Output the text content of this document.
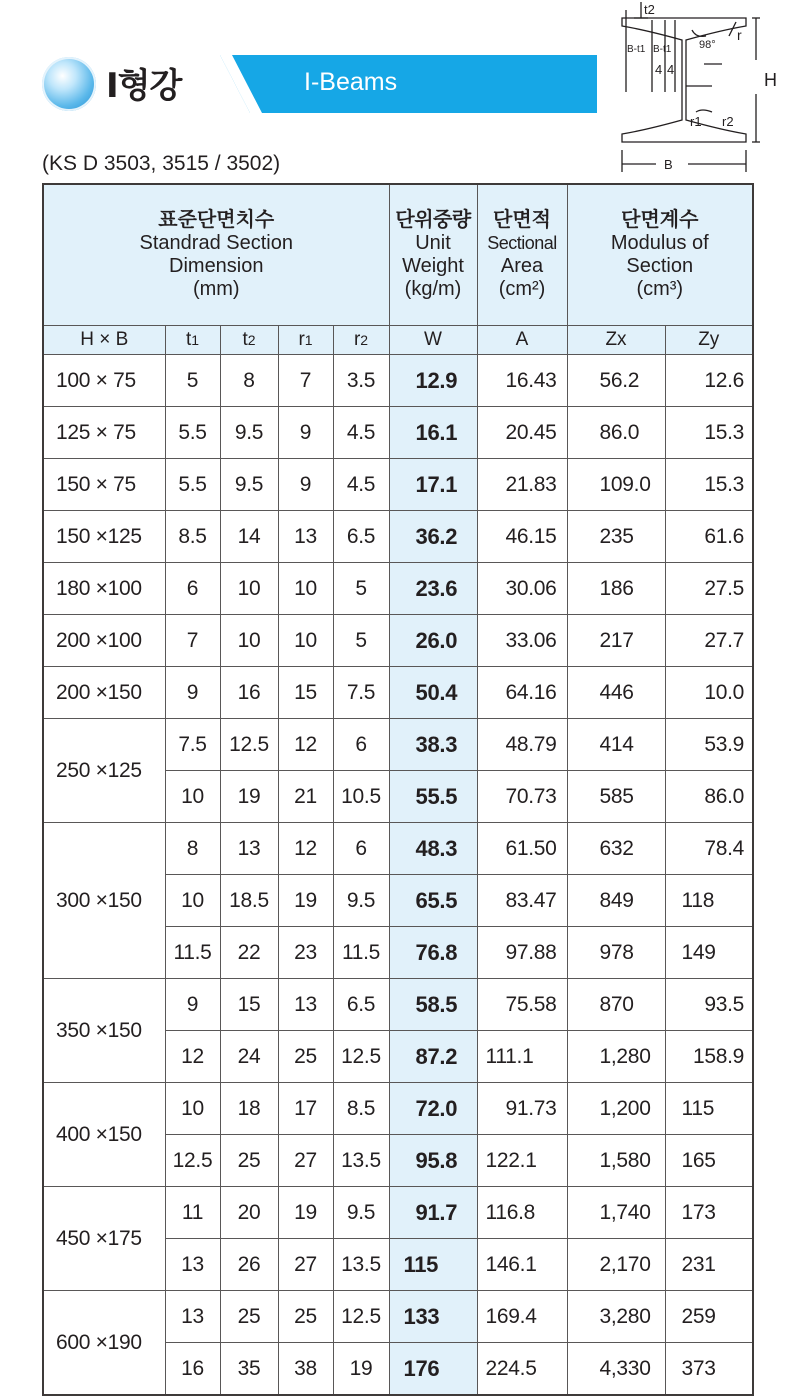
I형강	I-Beams
(KS D 3503, 3515 / 3502)
t2
r
98°
H
B
r1 r2
B-t1 B-t1
4 4
표준단면치수
Standrad Section
Dimension
(mm)					단위중량
Unit
Weight
(kg/m)	단면적
Sectional
Area
(cm²)	단면계수
Modulus of
Section
(cm³)	

H × B	t1	t2	r1	r2	W	A	Zx	Zy
100 × 75	5	8	7	3.5	12.9	16.43	56.2	12.6
125 × 75	5.5	9.5	9	4.5	16.1	20.45	86.0	15.3
150 × 75	5.5	9.5	9	4.5	17.1	21.83	109.0	15.3
150 ×125	8.5	14	13	6.5	36.2	46.15	235	61.6
180 ×100	6	10	10	5	23.6	30.06	186	27.5
200 ×100	7	10	10	5	26.0	33.06	217	27.7
200 ×150	9	16	15	7.5	50.4	64.16	446	10.0
250 ×125	7.5	12.5	12	6	38.3	48.79	414	53.9
	10	19	21	10.5	55.5	70.73	585	86.0
300 ×150	8	13	12	6	48.3	61.50	632	78.4
	10	18.5	19	9.5	65.5	83.47	849	118
	11.5	22	23	11.5	76.8	97.88	978	149
350 ×150	9	15	13	6.5	58.5	75.58	870	93.5
	12	24	25	12.5	87.2	111.1	1,280	158.9
400 ×150	10	18	17	8.5	72.0	91.73	1,200	115
	12.5	25	27	13.5	95.8	122.1	1,580	165
450 ×175	11	20	19	9.5	91.7	116.8	1,740	173
	13	26	27	13.5	115	146.1	2,170	231
600 ×190	13	25	25	12.5	133	169.4	3,280	259
	16	35	38	19	176	224.5	4,330	373
